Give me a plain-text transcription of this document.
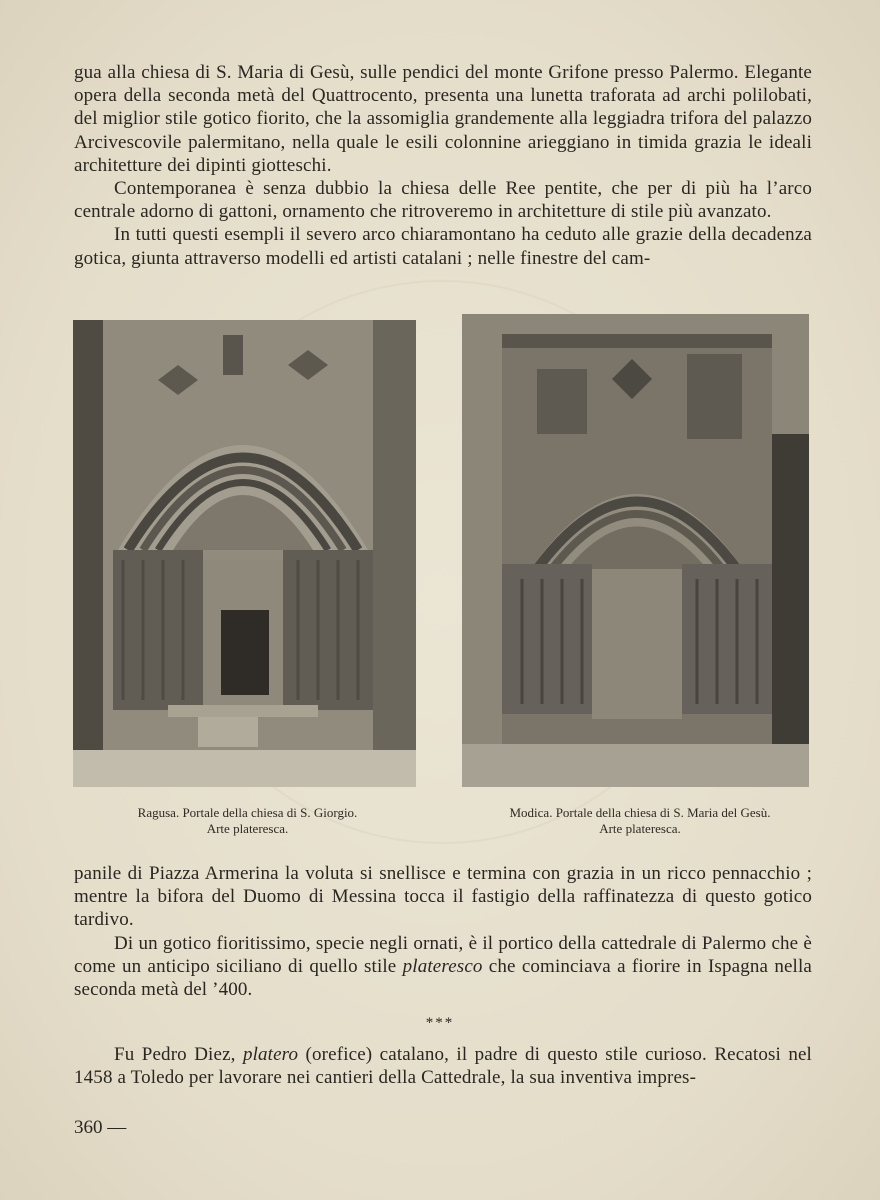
gua alla chiesa di S. Maria di Gesù, sulle pendici del monte Grifone presso Palermo. Elegante opera della seconda metà del Quattrocento, presenta una lunetta traforata ad archi polilobati, del miglior stile gotico fiorito, che la assomiglia grandemente alla leggiadra trifora del palazzo Arcivescovile palermitano, nella quale le esili colonnine arieggiano in timida grazia le ideali architetture dei dipinti giotteschi.

Contemporanea è senza dubbio la chiesa delle Ree pentite, che per di più ha l’arco centrale adorno di gattoni, ornamento che ritroveremo in architetture di stile più avanzato.

In tutti questi esempli il severo arco chiaramontano ha ceduto alle grazie della decadenza gotica, giunta attraverso modelli ed artisti catalani ; nelle finestre del cam-

Ragusa. Portale della chiesa di S. Giorgio.
Arte plateresca.
Modica. Portale della chiesa di S. Maria del Gesù.
Arte plateresca.

panile di Piazza Armerina la voluta si snellisce e termina con grazia in un ricco pennacchio ; mentre la bifora del Duomo di Messina tocca il fastigio della raffinatezza di questo gotico tardivo.

Di un gotico fioritissimo, specie negli ornati, è il portico della cattedrale di Palermo che è come un anticipo siciliano di quello stile plateresco che cominciava a fiorire in Ispagna nella seconda metà del ’400.

***

Fu Pedro Diez, platero (orefice) catalano, il padre di questo stile curioso. Recatosi nel 1458 a Toledo per lavorare nei cantieri della Cattedrale, la sua inventiva impres-

360 —
